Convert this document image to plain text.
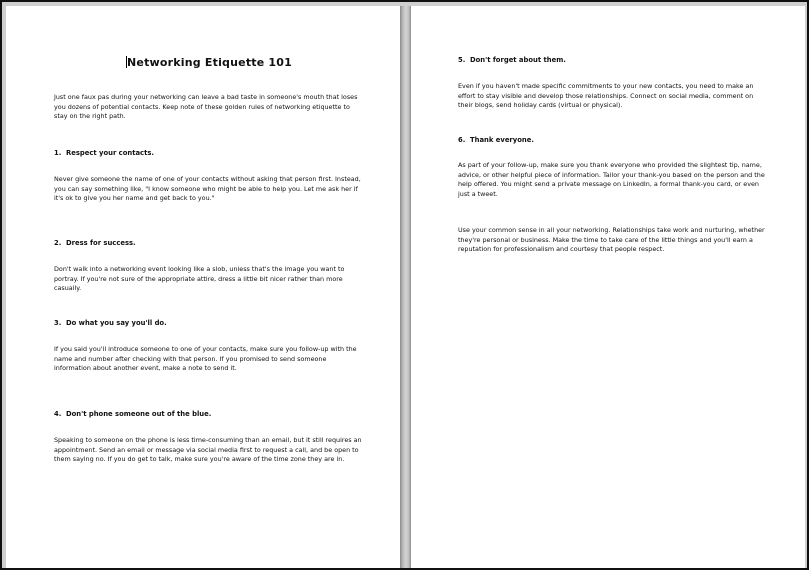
Networking Etiquette 101

Just one faux pas during your networking can leave a bad taste in someone's mouth that loses you dozens of potential contacts. Keep note of these golden rules of networking etiquette to stay on the right path.

1. Respect your contacts.

Never give someone the name of one of your contacts without asking that person first. Instead, you can say something like, "I know someone who might be able to help you. Let me ask her if it's ok to give you her name and get back to you."

2. Dress for success.

Don't walk into a networking event looking like a slob, unless that's the image you want to portray. If you're not sure of the appropriate attire, dress a little bit nicer rather than more casually.

3. Do what you say you'll do.

If you said you'll introduce someone to one of your contacts, make sure you follow-up with the name and number after checking with that person. If you promised to send someone information about another event, make a note to send it.

4. Don't phone someone out of the blue.

Speaking to someone on the phone is less time-consuming than an email, but it still requires an appointment. Send an email or message via social media first to request a call, and be open to them saying no. If you do get to talk, make sure you're aware of the time zone they are in.

5. Don't forget about them.

Even if you haven't made specific commitments to your new contacts, you need to make an effort to stay visible and develop those relationships. Connect on social media, comment on their blogs, send holiday cards (virtual or physical).

6. Thank everyone.

As part of your follow-up, make sure you thank everyone who provided the slightest tip, name, advice, or other helpful piece of information. Tailor your thank-you based on the person and the help offered. You might send a private message on LinkedIn, a formal thank-you card, or even just a tweet.

Use your common sense in all your networking. Relationships take work and nurturing, whether they're personal or business. Make the time to take care of the little things and you'll earn a reputation for professionalism and courtesy that people respect.
